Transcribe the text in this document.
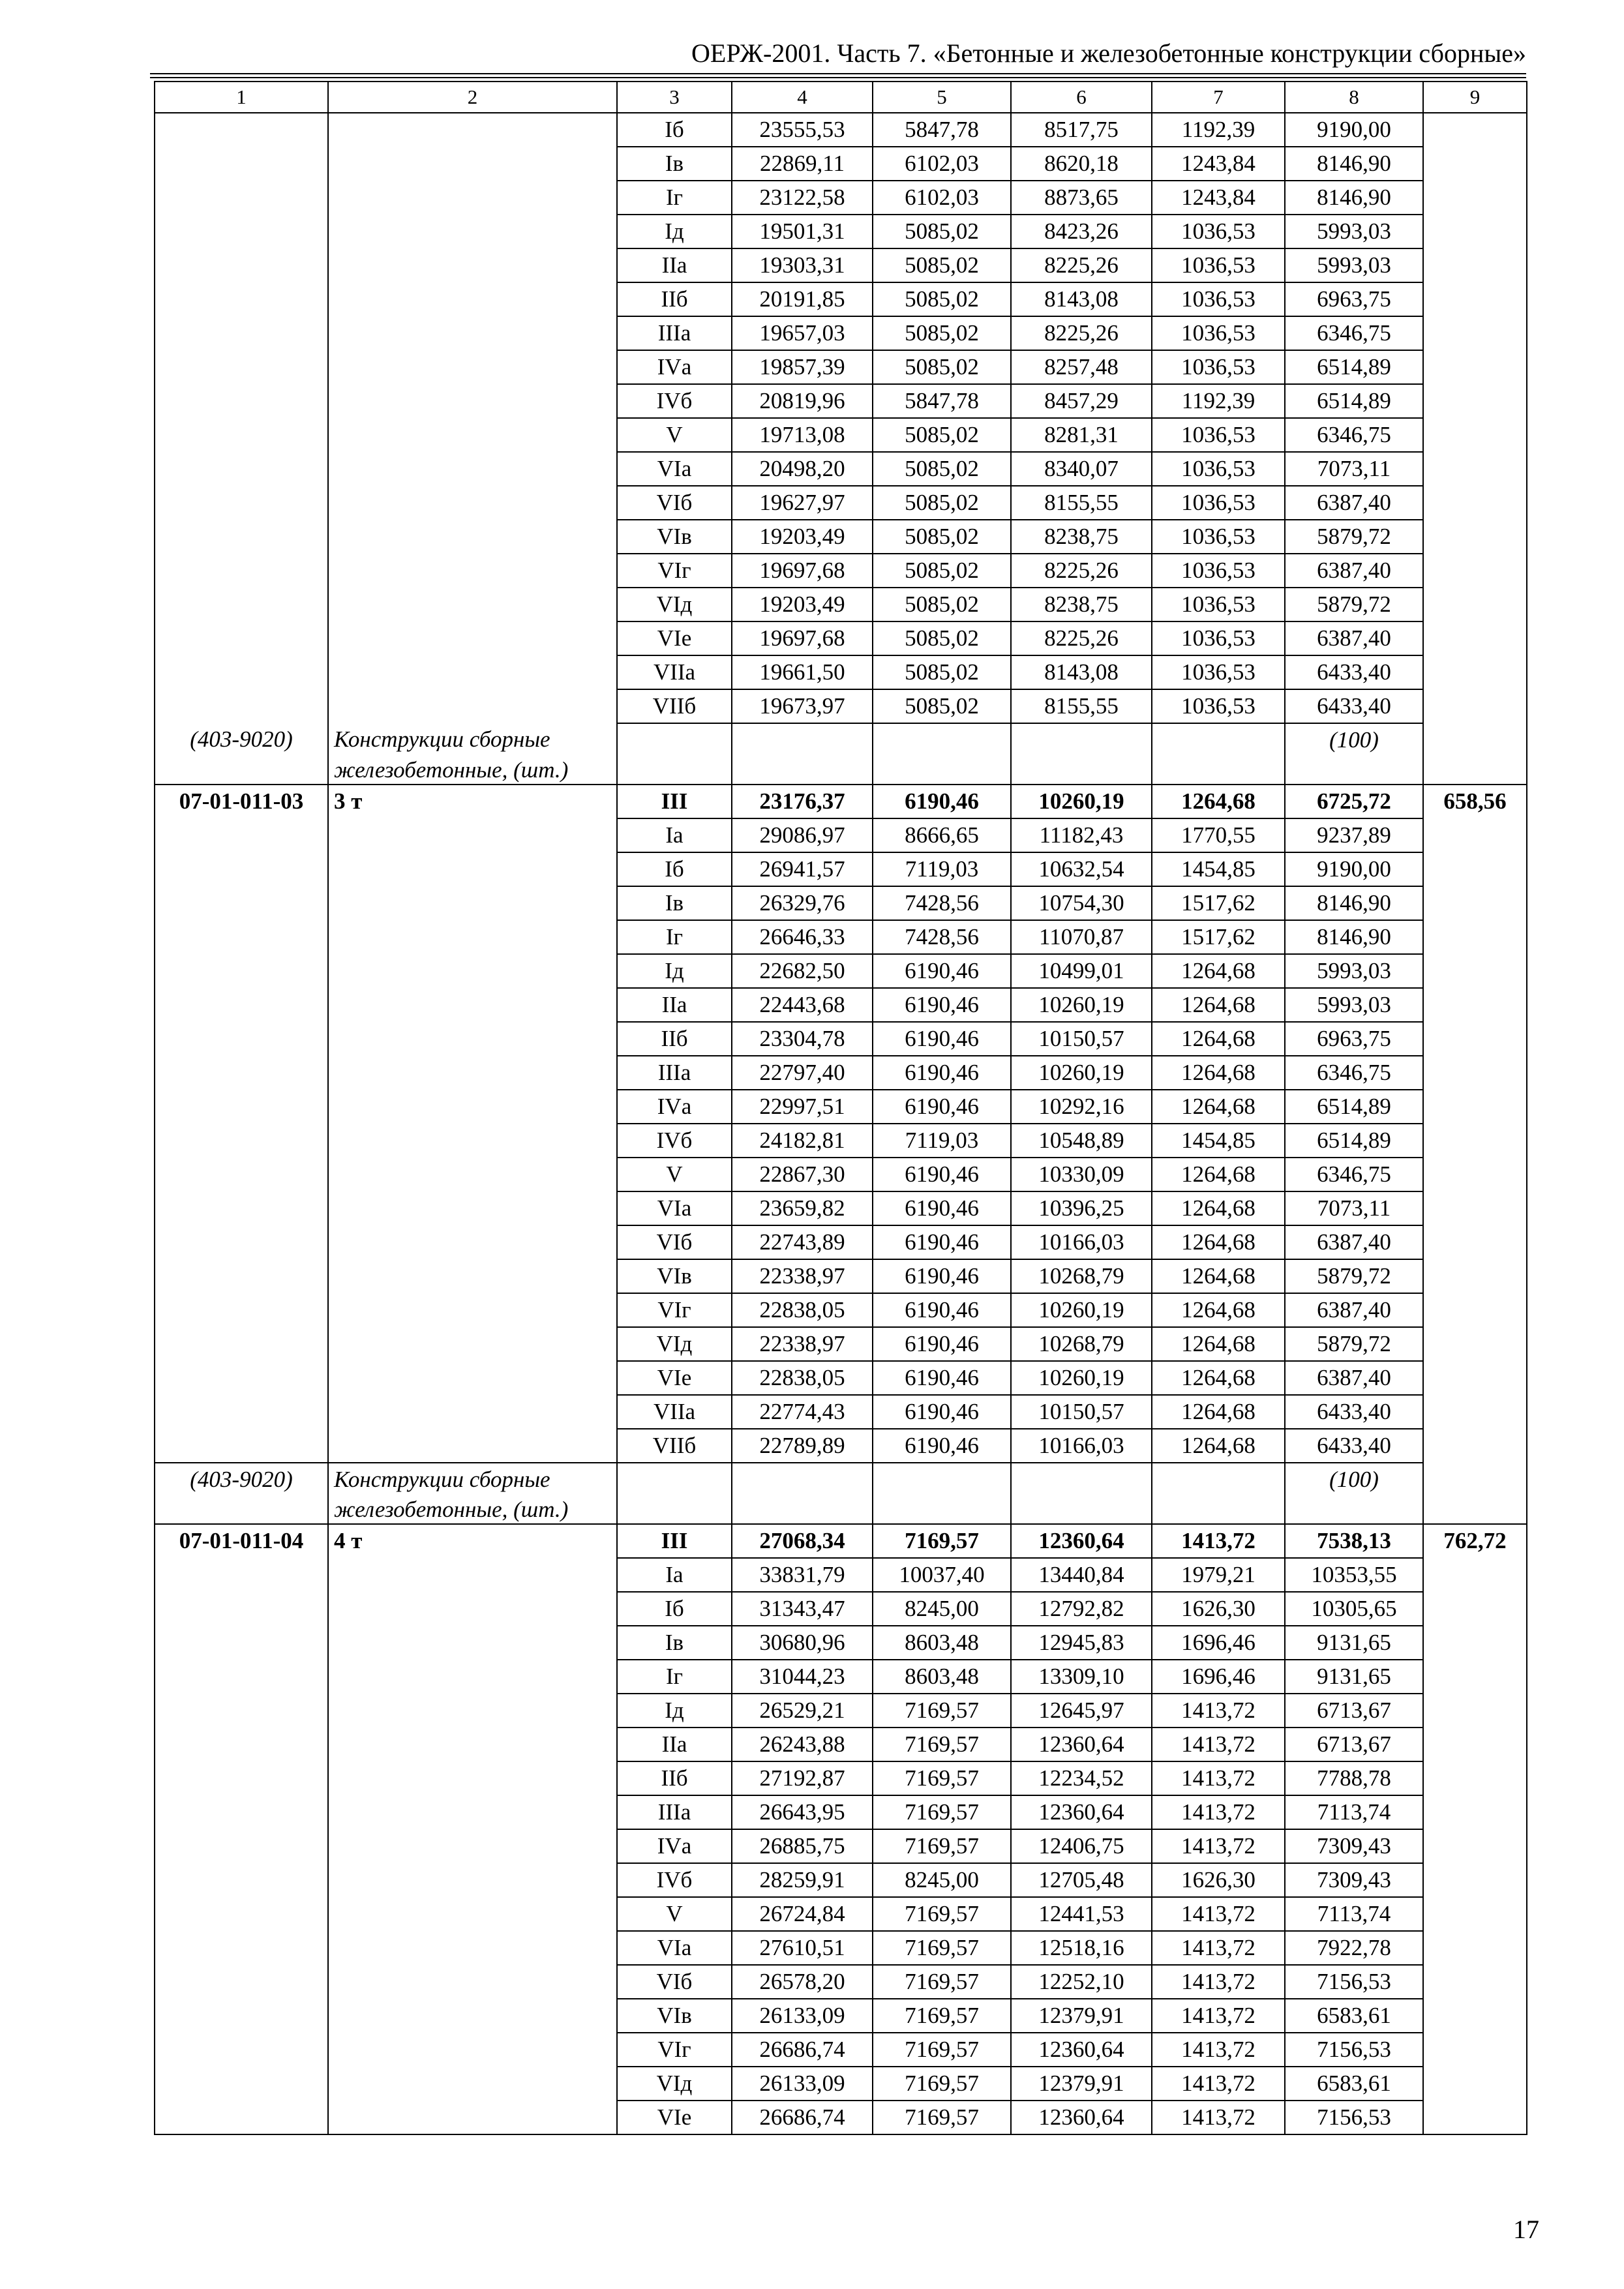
ОЕРЖ-2001. Часть 7. «Бетонные и железобетонные конструкции сборные»
1	2	3	4	5	6	7	8	9
		Iб	23555,53	5847,78	8517,75	1192,39	9190,00	
		Iв	22869,11	6102,03	8620,18	1243,84	8146,90	
		Iг	23122,58	6102,03	8873,65	1243,84	8146,90	
		Iд	19501,31	5085,02	8423,26	1036,53	5993,03	
		IIа	19303,31	5085,02	8225,26	1036,53	5993,03	
		IIб	20191,85	5085,02	8143,08	1036,53	6963,75	
		IIIа	19657,03	5085,02	8225,26	1036,53	6346,75	
		IVа	19857,39	5085,02	8257,48	1036,53	6514,89	
		IVб	20819,96	5847,78	8457,29	1192,39	6514,89	
		V	19713,08	5085,02	8281,31	1036,53	6346,75	
		VIа	20498,20	5085,02	8340,07	1036,53	7073,11	
		VIб	19627,97	5085,02	8155,55	1036,53	6387,40	
		VIв	19203,49	5085,02	8238,75	1036,53	5879,72	
		VIг	19697,68	5085,02	8225,26	1036,53	6387,40	
		VIд	19203,49	5085,02	8238,75	1036,53	5879,72	
		VIе	19697,68	5085,02	8225,26	1036,53	6387,40	
		VIIа	19661,50	5085,02	8143,08	1036,53	6433,40	
		VIIб	19673,97	5085,02	8155,55	1036,53	6433,40	

(403-9020)	Конструкции сборные						(100)	
	железобетонные, (шт.)							
07-01-011-03	3 т	III	23176,37	6190,46	10260,19	1264,68	6725,72	658,56
		Iа	29086,97	8666,65	11182,43	1770,55	9237,89	
		Iб	26941,57	7119,03	10632,54	1454,85	9190,00	
		Iв	26329,76	7428,56	10754,30	1517,62	8146,90	
		Iг	26646,33	7428,56	11070,87	1517,62	8146,90	
		Iд	22682,50	6190,46	10499,01	1264,68	5993,03	
		IIа	22443,68	6190,46	10260,19	1264,68	5993,03	
		IIб	23304,78	6190,46	10150,57	1264,68	6963,75	
		IIIа	22797,40	6190,46	10260,19	1264,68	6346,75	
		IVа	22997,51	6190,46	10292,16	1264,68	6514,89	
		IVб	24182,81	7119,03	10548,89	1454,85	6514,89	
		V	22867,30	6190,46	10330,09	1264,68	6346,75	
		VIа	23659,82	6190,46	10396,25	1264,68	7073,11	
		VIб	22743,89	6190,46	10166,03	1264,68	6387,40	
		VIв	22338,97	6190,46	10268,79	1264,68	5879,72	
		VIг	22838,05	6190,46	10260,19	1264,68	6387,40	
		VIд	22338,97	6190,46	10268,79	1264,68	5879,72	
		VIе	22838,05	6190,46	10260,19	1264,68	6387,40	
		VIIа	22774,43	6190,46	10150,57	1264,68	6433,40	
		VIIб	22789,89	6190,46	10166,03	1264,68	6433,40	

(403-9020)	Конструкции сборные						(100)	
	железобетонные, (шт.)							
07-01-011-04	4 т	III	27068,34	7169,57	12360,64	1413,72	7538,13	762,72
		Iа	33831,79	10037,40	13440,84	1979,21	10353,55	
		Iб	31343,47	8245,00	12792,82	1626,30	10305,65	
		Iв	30680,96	8603,48	12945,83	1696,46	9131,65	
		Iг	31044,23	8603,48	13309,10	1696,46	9131,65	
		Iд	26529,21	7169,57	12645,97	1413,72	6713,67	
		IIа	26243,88	7169,57	12360,64	1413,72	6713,67	
		IIб	27192,87	7169,57	12234,52	1413,72	7788,78	
		IIIа	26643,95	7169,57	12360,64	1413,72	7113,74	
		IVа	26885,75	7169,57	12406,75	1413,72	7309,43	
		IVб	28259,91	8245,00	12705,48	1626,30	7309,43	
		V	26724,84	7169,57	12441,53	1413,72	7113,74	
		VIа	27610,51	7169,57	12518,16	1413,72	7922,78	
		VIб	26578,20	7169,57	12252,10	1413,72	7156,53	
		VIв	26133,09	7169,57	12379,91	1413,72	6583,61	
		VIг	26686,74	7169,57	12360,64	1413,72	7156,53	
		VIд	26133,09	7169,57	12379,91	1413,72	6583,61	
		VIе	26686,74	7169,57	12360,64	1413,72	7156,53	
17
